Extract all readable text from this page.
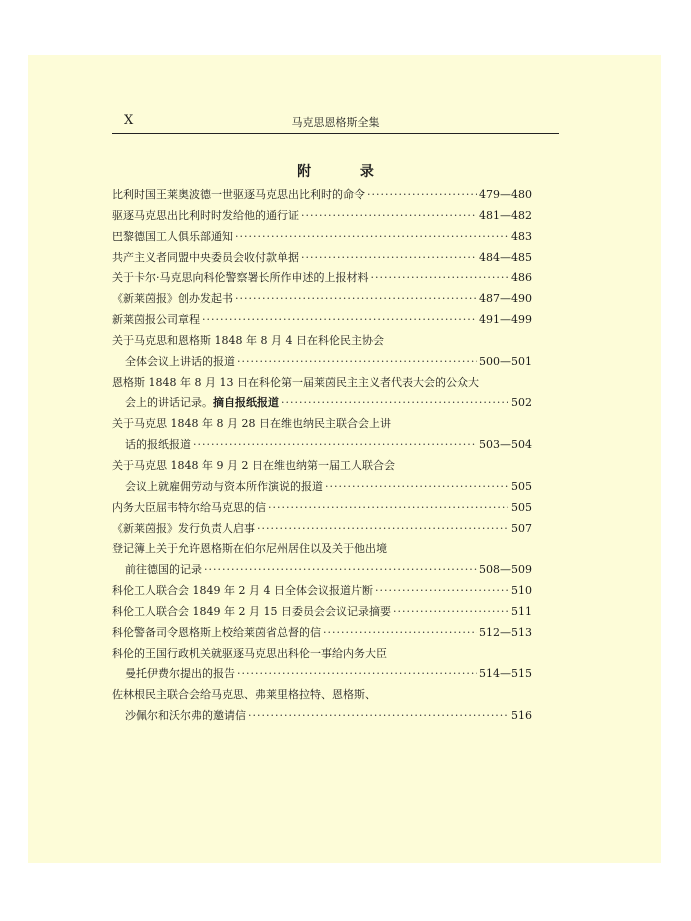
X	马克思恩格斯全集
附 录
比利时国王莱奥波德一世驱逐马克思出比利时的命令 ·····	479—480
驱逐马克思出比利时时发给他的通行证 ·····	481—482
巴黎德国工人俱乐部通知 ·····	483
共产主义者同盟中央委员会收付款单据 ·····	484—485
关于卡尔·马克思向科伦警察署长所作申述的上报材料 ·····	486
《新莱茵报》创办发起书 ·····	487—490
新莱茵报公司章程 ·····	491—499
关于马克思和恩格斯 1848 年 8 月 4 日在科伦民主协会
全体会议上讲话的报道 ·····	500—501
恩格斯 1848 年 8 月 13 日在科伦第一届莱茵民主主义者代表大会的公众大
会上的讲话记录。 摘自报纸报道 ·····	502
关于马克思 1848 年 8 月 28 日在维也纳民主联合会上讲
话的报纸报道 ·····	503—504
关于马克思 1848 年 9 月 2 日在维也纳第一届工人联合会
会议上就雇佣劳动与资本所作演说的报道 ·····	505
内务大臣屈韦特尔给马克思的信 ·····	505
《新莱茵报》发行负责人启事 ·····	507
登记簿上关于允许恩格斯在伯尔尼州居住以及关于他出境
前往德国的记录 ·····	508—509
科伦工人联合会 1849 年 2 月 4 日全体会议报道片断 ·····	510
科伦工人联合会 1849 年 2 月 15 日委员会会议记录摘要 ·····	511
科伦警备司令恩格斯上校给莱茵省总督的信 ·····	512—513
科伦的王国行政机关就驱逐马克思出科伦一事给内务大臣
曼托伊费尔提出的报告 ·····	514—515
佐林根民主联合会给马克思、弗莱里格拉特、恩格斯、
沙佩尔和沃尔弗的邀请信 ·····	516
